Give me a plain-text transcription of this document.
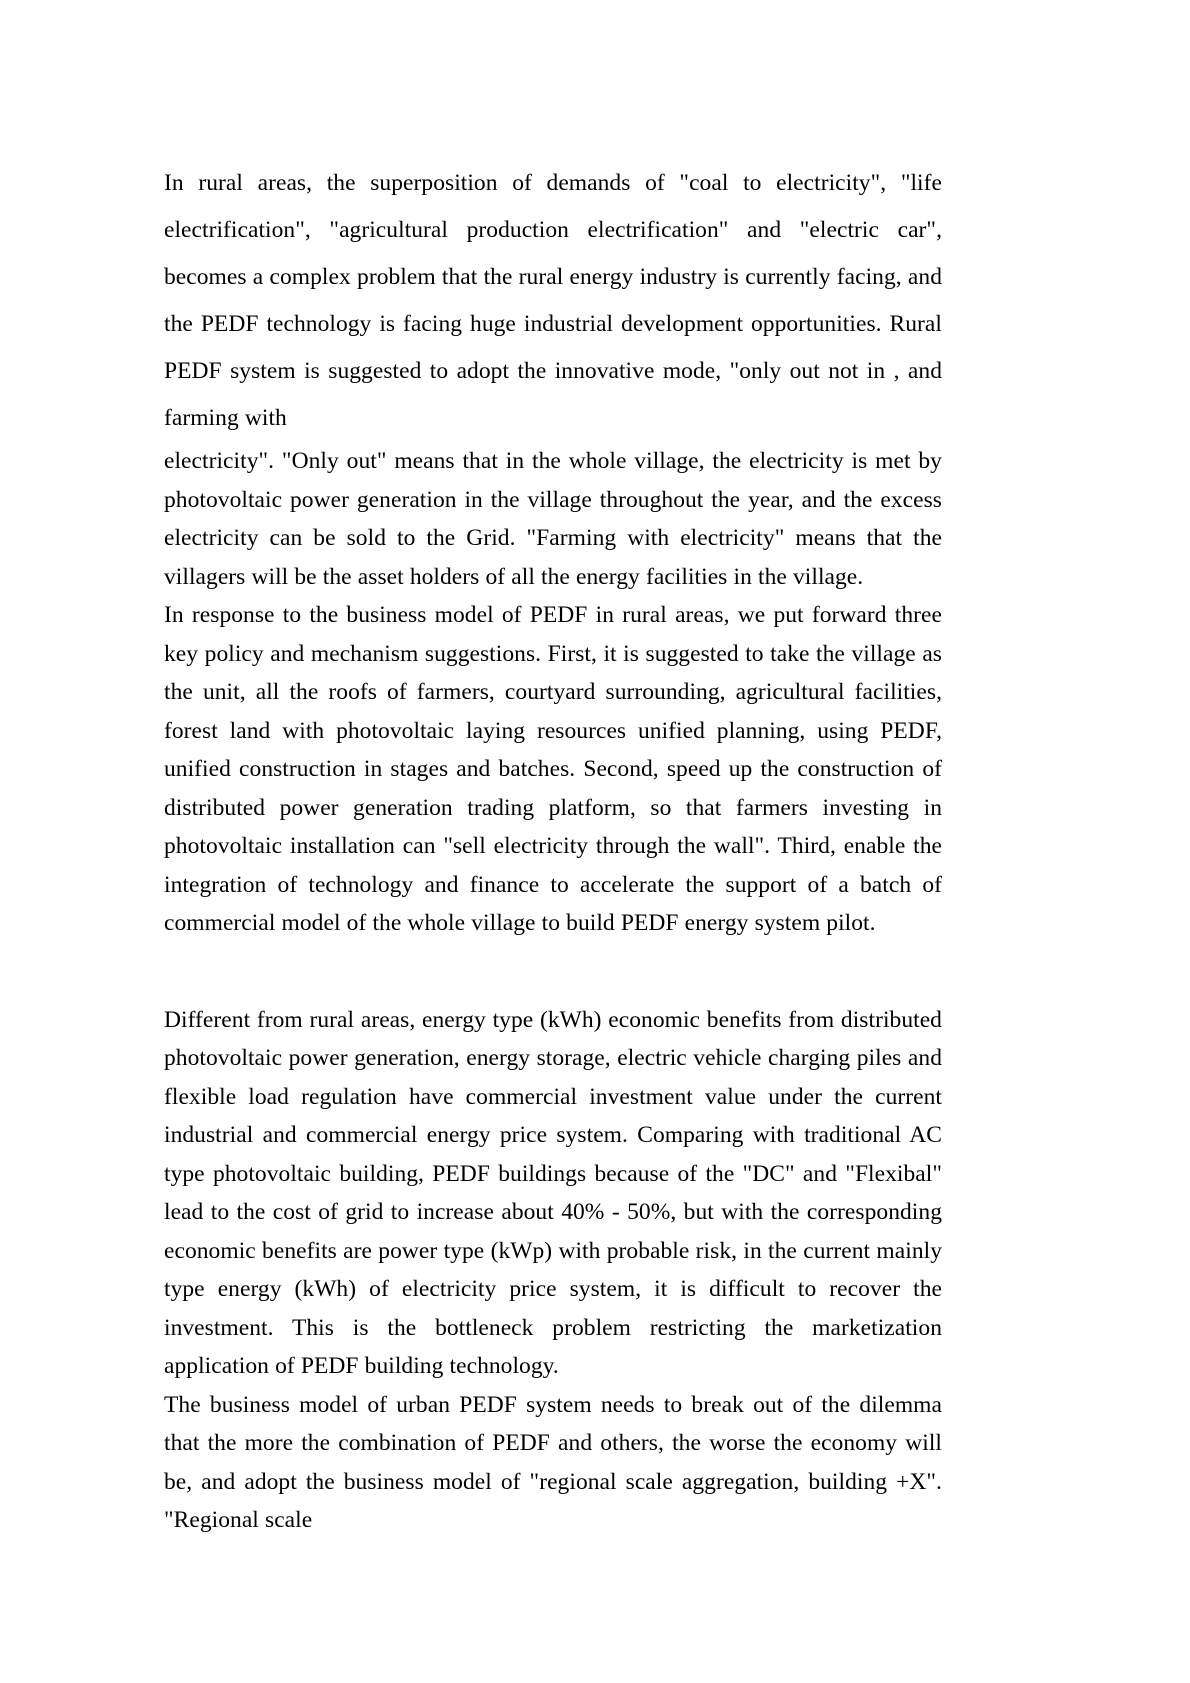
In rural areas, the superposition of demands of "coal to electricity", "life electrification", "agricultural production electrification" and "electric car", becomes a complex problem that the rural energy industry is currently facing, and the PEDF technology is facing huge industrial development opportunities. Rural PEDF system is suggested to adopt the innovative mode, "only out not in , and farming with

electricity". "Only out" means that in the whole village, the electricity is met by photovoltaic power generation in the village throughout the year, and the excess electricity can be sold to the Grid. "Farming with electricity" means that the villagers will be the asset holders of all the energy facilities in the village.

In response to the business model of PEDF in rural areas, we put forward three key policy and mechanism suggestions. First, it is suggested to take the village as the unit, all the roofs of farmers, courtyard surrounding, agricultural facilities, forest land with photovoltaic laying resources unified planning, using PEDF, unified construction in stages and batches. Second, speed up the construction of distributed power generation trading platform, so that farmers investing in photovoltaic installation can "sell electricity through the wall". Third, enable the integration of technology and finance to accelerate the support of a batch of commercial model of the whole village to build PEDF energy system pilot.

Different from rural areas, energy type (kWh) economic benefits from distributed photovoltaic power generation, energy storage, electric vehicle charging piles and flexible load regulation have commercial investment value under the current industrial and commercial energy price system. Comparing with traditional AC type photovoltaic building, PEDF buildings because of the "DC" and "Flexibal" lead to the cost of grid to increase about 40% - 50%, but with the corresponding economic benefits are power type (kWp) with probable risk, in the current mainly type energy (kWh) of electricity price system, it is difficult to recover the investment. This is the bottleneck problem restricting the marketization application of PEDF building technology.

The business model of urban PEDF system needs to break out of the dilemma that the more the combination of PEDF and others, the worse the economy will be, and adopt the business model of "regional scale aggregation, building +X". "Regional scale
